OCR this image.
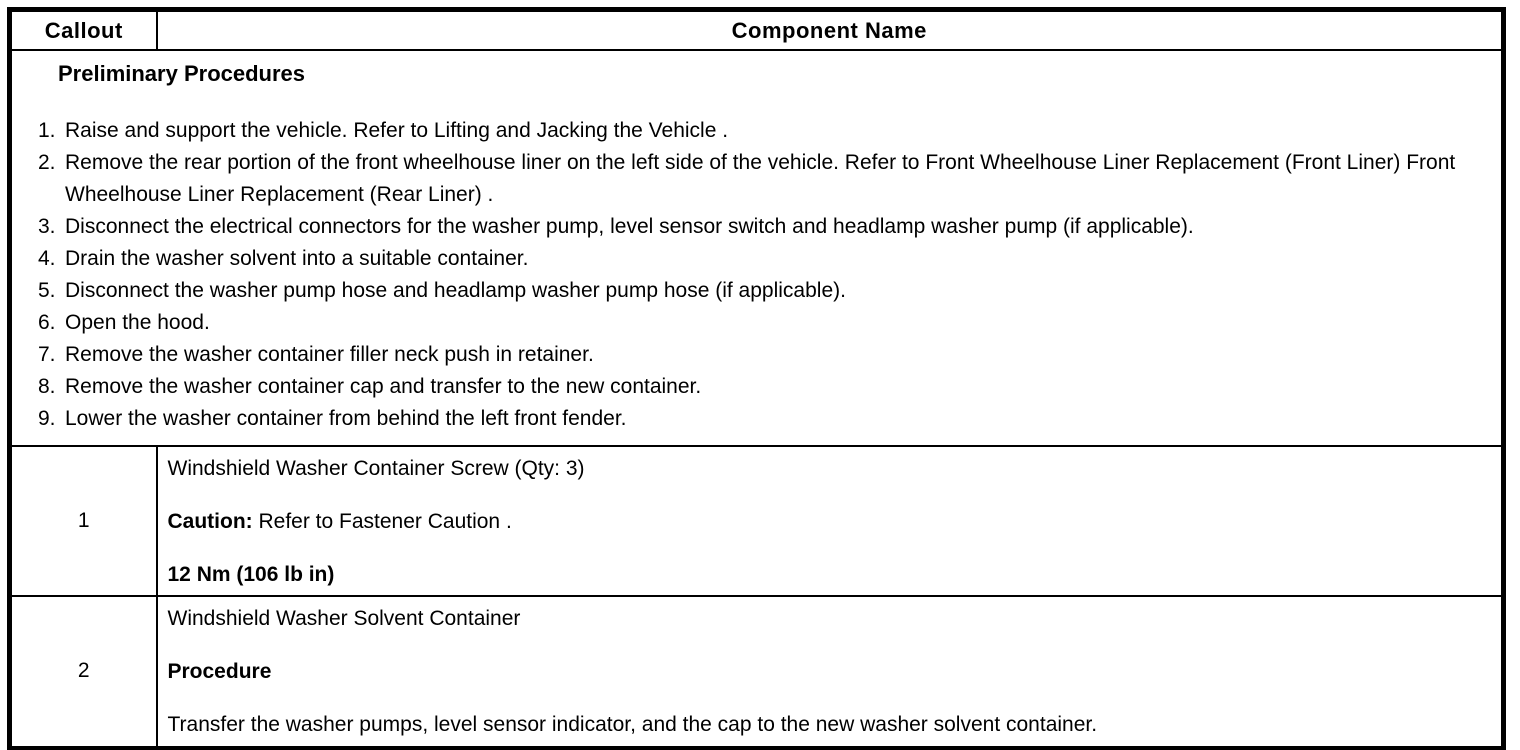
Callout	Component Name

Preliminary Procedures
1. Raise and support the vehicle. Refer to Lifting and Jacking the Vehicle .
2. Remove the rear portion of the front wheelhouse liner on the left side of the vehicle. Refer to Front Wheelhouse Liner Replacement (Front Liner) Front Wheelhouse Liner Replacement (Rear Liner) .
3. Disconnect the electrical connectors for the washer pump, level sensor switch and headlamp washer pump (if applicable).
4. Drain the washer solvent into a suitable container.
5. Disconnect the washer pump hose and headlamp washer pump hose (if applicable).
6. Open the hood.
7. Remove the washer container filler neck push in retainer.
8. Remove the washer container cap and transfer to the new container.
9. Lower the washer container from behind the left front fender.

1	Windshield Washer Container Screw (Qty: 3)

Caution: Refer to Fastener Caution .

12 Nm (106 lb in)

2	Windshield Washer Solvent Container

Procedure

Transfer the washer pumps, level sensor indicator, and the cap to the new washer solvent container.
